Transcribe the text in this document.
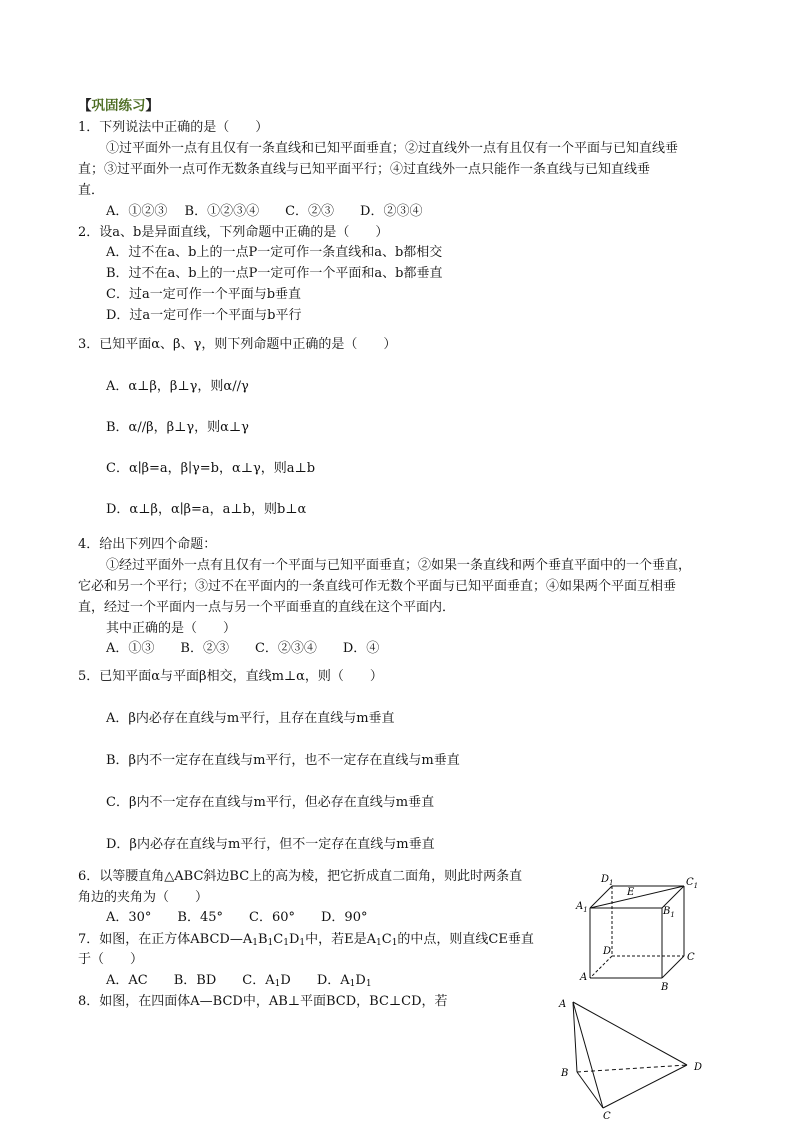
【巩固练习】
1．下列说法中正确的是（　　）
①过平面外一点有且仅有一条直线和已知平面垂直；②过直线外一点有且仅有一个平面与已知直线垂
直；③过平面外一点可作无数条直线与已知平面平行；④过直线外一点只能作一条直线与已知直线垂
直．
A．①②③　 B．①②③④　　C．②③　　D．②③④
2．设a、b是异面直线，下列命题中正确的是（　　）
A．过不在a、b上的一点P一定可作一条直线和a、b都相交
B．过不在a、b上的一点P一定可作一个平面和a、b都垂直
C．过a一定可作一个平面与b垂直
D．过a一定可作一个平面与b平行
3．已知平面α、β、γ，则下列命题中正确的是（　　）
A．α⊥β，β⊥γ，则α//γ
B．α//β，β⊥γ，则α⊥γ
C．α∣β=a，β∣γ=b，α⊥γ，则a⊥b
D．α⊥β，α∣β=a，a⊥b，则b⊥α
4．给出下列四个命题：
①经过平面外一点有且仅有一个平面与已知平面垂直；②如果一条直线和两个垂直平面中的一个垂直，
它必和另一个平行；③过不在平面内的一条直线可作无数个平面与已知平面垂直；④如果两个平面互相垂
直，经过一个平面内一点与另一个平面垂直的直线在这个平面内．
其中正确的是（　　）
A．①③　　B．②③　　C．②③④　　D．④
5．已知平面α与平面β相交，直线m⊥α，则（　　）
A．β内必存在直线与m平行，且存在直线与m垂直
B．β内不一定存在直线与m平行，也不一定存在直线与m垂直
C．β内不一定存在直线与m平行，但必存在直线与m垂直
D．β内必存在直线与m平行，但不一定存在直线与m垂直
6．以等腰直角△ABC斜边BC上的高为棱，把它折成直二面角，则此时两条直
角边的夹角为（　　）
A．30°　　B．45°　　C．60°　　D．90°
7．如图，在正方体$ABCD—A_1B_1C_1D_1$中，若E是$A_1C_1$的中点，则直线CE垂直
于（　　）
A．AC　　 B．BD　　 C．$A_1D$　　 D．$A_1D_1$
8．如图，在四面体A—BCD中，AB⊥平面BCD，BC⊥CD，若
$D_1$	$C_1$
$A_1$	$B_1$
E
D
C
A
B
A
B
C
D
